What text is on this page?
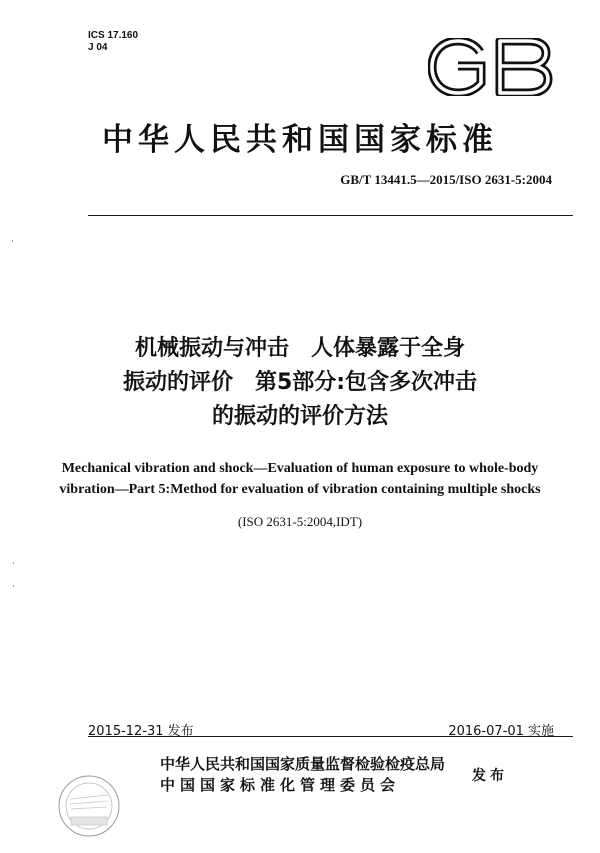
ICS 17.160
J 04
中华人民共和国国家标准
GB/T 13441.5—2015/ISO 2631-5:2004
机械振动与冲击　人体暴露于全身
振动的评价　第5部分:包含多次冲击
的振动的评价方法
Mechanical vibration and shock—Evaluation of human exposure to whole-body
vibration—Part 5:Method for evaluation of vibration containing multiple shocks
(ISO 2631-5:2004,IDT)
2015-12-31 发布	2016-07-01 实施
中华人民共和国国家质量监督检验检疫总局
中国国家标准化管理委员会	发布
